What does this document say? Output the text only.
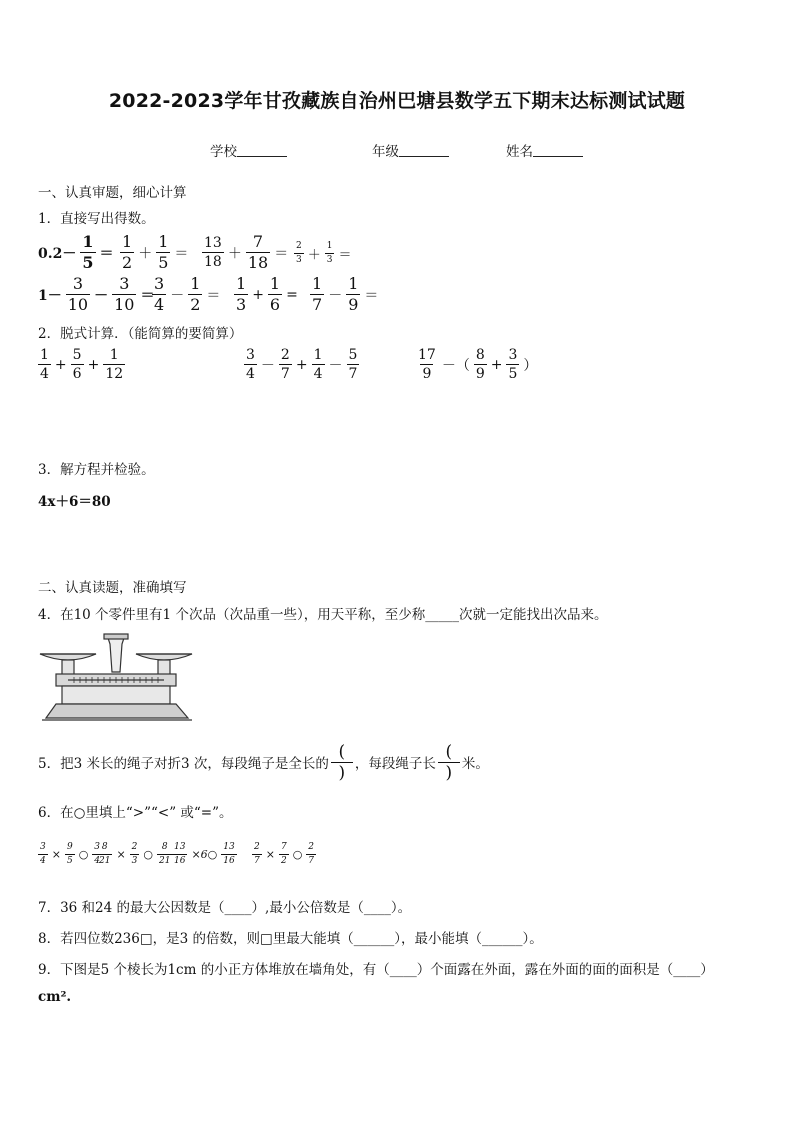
2022-2023学年甘孜藏族自治州巴塘县数学五下期末达标测试试题
学校	年级	姓名
一、认真审题，细心计算
1．直接写出得数。
$0.2- \frac{1}{5} = \frac{1}{2} + \frac{1}{5} = \frac{13}{18} + \frac{7}{18} = \frac{2}{3} + \frac{1}{3}$ ＝
$1- \frac{3}{10} - \frac{3}{10}$ ＝
$\frac{3}{4} - \frac{1}{2} = \frac{1}{3} + \frac{1}{6} = \frac{1}{7} - \frac{1}{9}$ ＝
2．脱式计算．（能简算的要简算）
$\frac{1}{4} + \frac{5}{6} + \frac{1}{12}$	$\frac{3}{4} - \frac{2}{7} + \frac{1}{4} - \frac{5}{7}$	$\frac{17}{9}$ －（ $\frac{8}{9} + \frac{3}{5}$ ）
3．解方程并检验。
4x＋6＝80
二、认真读题，准确填写
4．在10 个零件里有1 个次品（次品重一些），用天平称，至少称_____次就一定能找出次品来。
5．把3 米长的绳子对折3 次，每段绳子是全长的 $\frac{(}{)}$ ，每段绳子长 $\frac{(}{)}$ 米。
6．在○里填上“>”“<” 或“=”。
$\frac{3}{4} \times \frac{9}{5}$ ○ $\frac{3}{4}$
$\frac{8}{21} \times \frac{2}{3}$ ○ $\frac{8}{21} \frac{13}{16}$ ×6○ $\frac{13}{16} \frac{2}{7} \times \frac{7}{2}$ ○ $\frac{2}{7}$
7．36 和24 的最大公因数是（____）,最小公倍数是（____）。
8．若四位数236□，是3 的倍数，则□里最大能填（______），最小能填（______）。
9．下图是5 个棱长为1cm 的小正方体堆放在墙角处，有（____）个面露在外面，露在外面的面的面积是（____）
cm².
